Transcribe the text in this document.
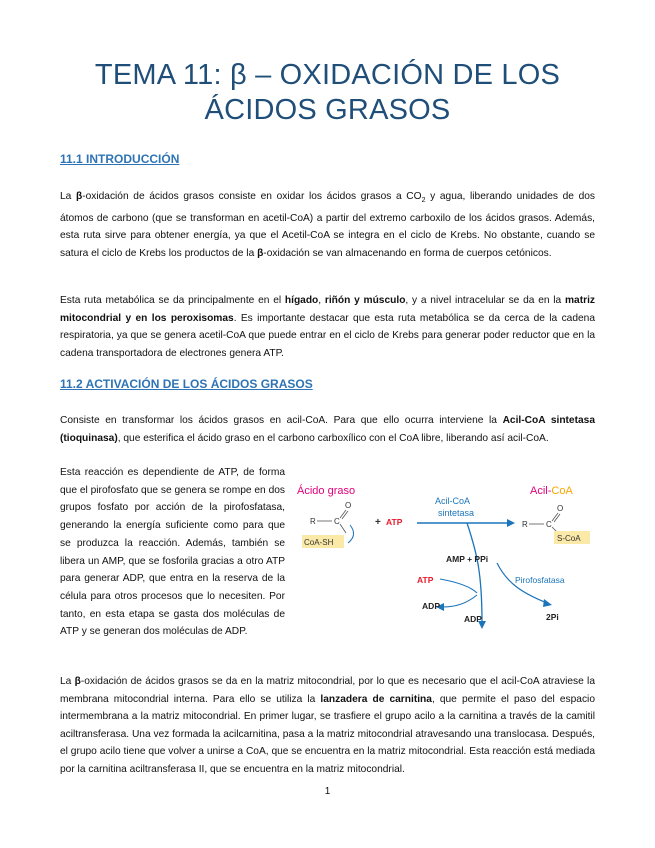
TEMA 11: β – OXIDACIÓN DE LOS
ÁCIDOS GRASOS
11.1 INTRODUCCIÓN

La β-oxidación de ácidos grasos consiste en oxidar los ácidos grasos a $CO_2$ y agua, liberando unidades de dos átomos de carbono (que se transforman en acetil-CoA) a partir del extremo carboxilo de los ácidos grasos. Además, esta ruta sirve para obtener energía, ya que el Acetil-CoA se integra en el ciclo de Krebs. No obstante, cuando se satura el ciclo de Krebs los productos de la β-oxidación se van almacenando en forma de cuerpos cetónicos.

Esta ruta metabólica se da principalmente en el hígado, riñón y músculo, y a nivel intracelular se da en la matriz mitocondrial y en los peroxisomas. Es importante destacar que esta ruta metabólica se da cerca de la cadena respiratoria, ya que se genera acetil-CoA que puede entrar en el ciclo de Krebs para generar poder reductor que en la cadena transportadora de electrones genera ATP.

11.2 ACTIVACIÓN DE LOS ÁCIDOS GRASOS

Consiste en transformar los ácidos grasos en acil-CoA. Para que ello ocurra interviene la Acil-CoA sintetasa (tioquinasa), que esterifica el ácido graso en el carbono carboxílico con el CoA libre, liberando así acil-CoA.

Esta reacción es dependiente de ATP, de forma que el pirofosfato que se genera se rompe en dos grupos fosfato por acción de la pirofosfatasa, generando la energía suficiente como para que se produzca la reacción. Además, también se libera un AMP, que se fosforila gracias a otro ATP para generar ADP, que entra en la reserva de la célula para otros procesos que lo necesiten. Por tanto, en esta etapa se gasta dos moléculas de ATP y se generan dos moléculas de ADP.

Ácido graso
R C
O
CoA-SH
+ ATP
Acil-CoA
sintetasa
Acil-CoA
R C
O
S-CoA
AMP + PPi
Pirofosfatasa
2Pi
ATP
ADP
ADP

La β-oxidación de ácidos grasos se da en la matriz mitocondrial, por lo que es necesario que el acil-CoA atraviese la membrana mitocondrial interna. Para ello se utiliza la lanzadera de carnitina, que permite el paso del espacio intermembrana a la matriz mitocondrial. En primer lugar, se trasfiere el grupo acilo a la carnitina a través de la camitil aciltransferasa. Una vez formada la acilcarnitina, pasa a la matriz mitocondrial atravesando una translocasa. Después, el grupo acilo tiene que volver a unirse a CoA, que se encuentra en la matriz mitocondrial. Esta reacción está mediada por la carnitina aciltransferasa II, que se encuentra en la matriz mitocondrial.

1
